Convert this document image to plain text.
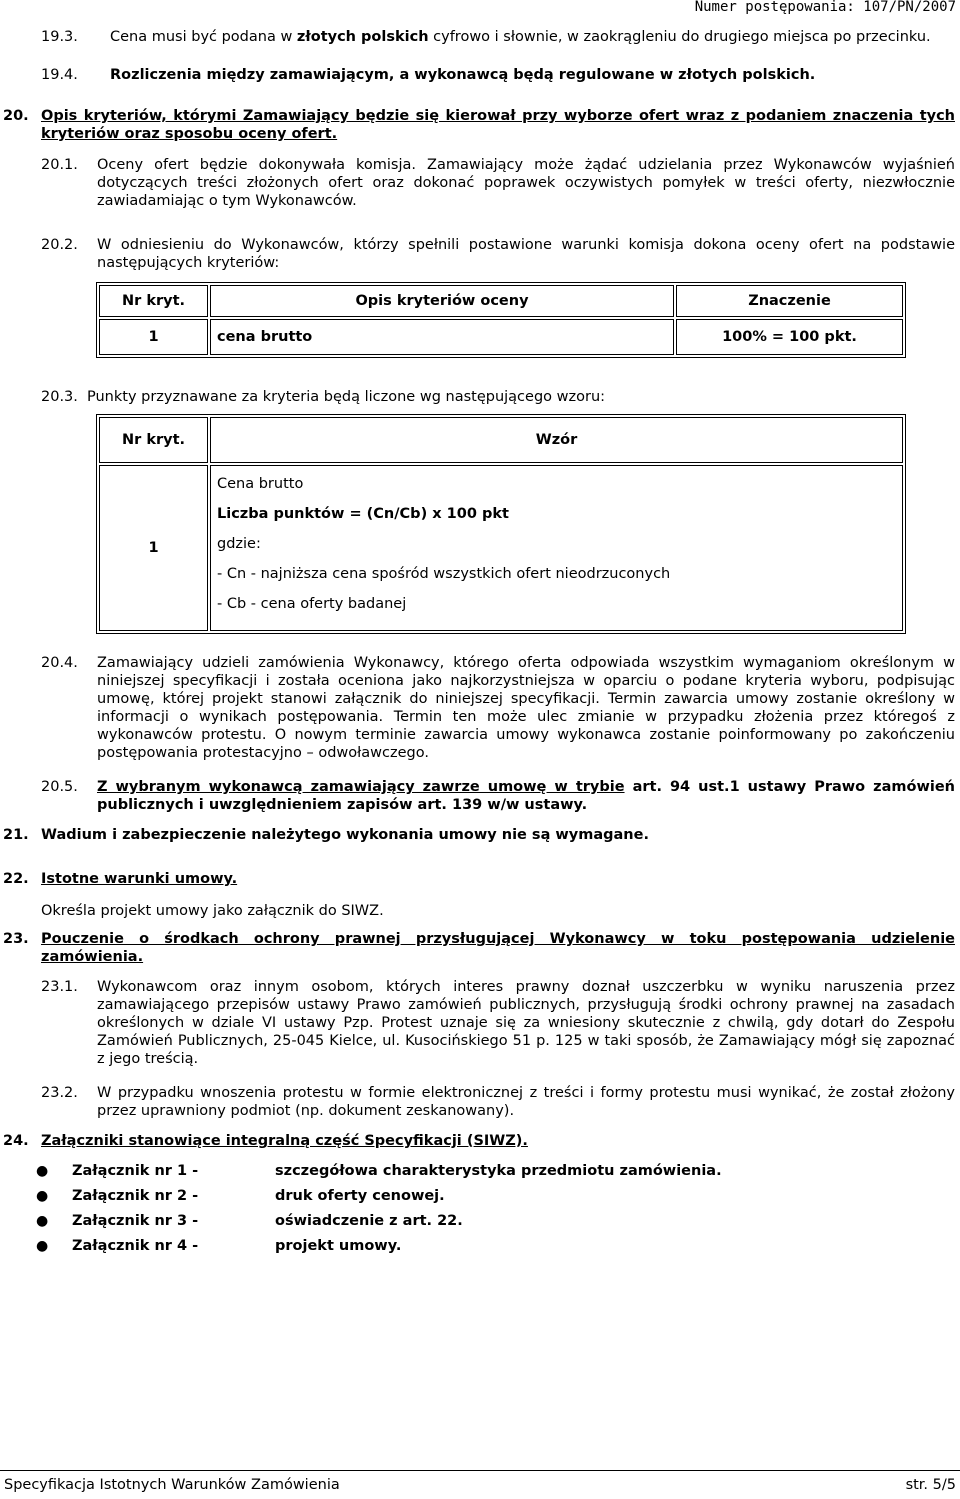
Numer postępowania: 107/PN/2007
19.3. Cena musi być podana w złotych polskich cyfrowo i słownie, w zaokrągleniu do drugiego miejsca po przecinku.
19.4. Rozliczenia między zamawiającym, a wykonawcą będą regulowane w złotych polskich.
20. Opis kryteriów, którymi Zamawiający będzie się kierował przy wyborze ofert wraz z podaniem znaczenia tych kryteriów oraz sposobu oceny ofert.
20.1. Oceny ofert będzie dokonywała komisja. Zamawiający może żądać udzielania przez Wykonawców wyjaśnień dotyczących treści złożonych ofert oraz dokonać poprawek oczywistych pomyłek w treści oferty, niezwłocznie zawiadamiając o tym Wykonawców.
20.2. W odniesieniu do Wykonawców, którzy spełnili postawione warunki komisja dokona oceny ofert na podstawie następujących kryteriów:
Nr kryt.	Opis kryteriów oceny	Znaczenie
1	cena brutto	100% = 100 pkt.
20.3. Punkty przyznawane za kryteria będą liczone wg następującego wzoru:
Nr kryt.	Wzór
1	Cena brutto
Liczba punktów = (Cn/Cb) x 100 pkt
gdzie:
- Cn - najniższa cena spośród wszystkich ofert nieodrzuconych
- Cb - cena oferty badanej
20.4. Zamawiający udzieli zamówienia Wykonawcy, którego oferta odpowiada wszystkim wymaganiom określonym w niniejszej specyfikacji i została oceniona jako najkorzystniejsza w oparciu o podane kryteria wyboru, podpisując umowę, której projekt stanowi załącznik do niniejszej specyfikacji. Termin zawarcia umowy zostanie określony w informacji o wynikach postępowania. Termin ten może ulec zmianie w przypadku złożenia przez któregoś z wykonawców protestu. O nowym terminie zawarcia umowy wykonawca zostanie poinformowany po zakończeniu postępowania protestacyjno – odwoławczego.
20.5. Z wybranym wykonawcą zamawiający zawrze umowę w trybie art. 94 ust.1 ustawy Prawo zamówień publicznych i uwzględnieniem zapisów art. 139 w/w ustawy.
21. Wadium i zabezpieczenie należytego wykonania umowy nie są wymagane.
22. Istotne warunki umowy.
Określa projekt umowy jako załącznik do SIWZ.
23. Pouczenie o środkach ochrony prawnej przysługującej Wykonawcy w toku postępowania udzielenie zamówienia.
23.1. Wykonawcom oraz innym osobom, których interes prawny doznał uszczerbku w wyniku naruszenia przez zamawiającego przepisów ustawy Prawo zamówień publicznych, przysługują środki ochrony prawnej na zasadach określonych w dziale VI ustawy Pzp. Protest uznaje się za wniesiony skutecznie z chwilą, gdy dotarł do Zespołu Zamówień Publicznych, 25-045 Kielce, ul. Kusocińskiego 51 p. 125 w taki sposób, że Zamawiający mógł się zapoznać z jego treścią.
23.2. W przypadku wnoszenia protestu w formie elektronicznej z treści i formy protestu musi wynikać, że został złożony przez uprawniony podmiot (np. dokument zeskanowany).
24. Załączniki stanowiące integralną część Specyfikacji (SIWZ).
● Załącznik nr 1 -	szczegółowa charakterystyka przedmiotu zamówienia.
● Załącznik nr 2 -	druk oferty cenowej.
● Załącznik nr 3 -	oświadczenie z art. 22.
● Załącznik nr 4 -	projekt umowy.
Specyfikacja Istotnych Warunków Zamówienia	str. 5/5
